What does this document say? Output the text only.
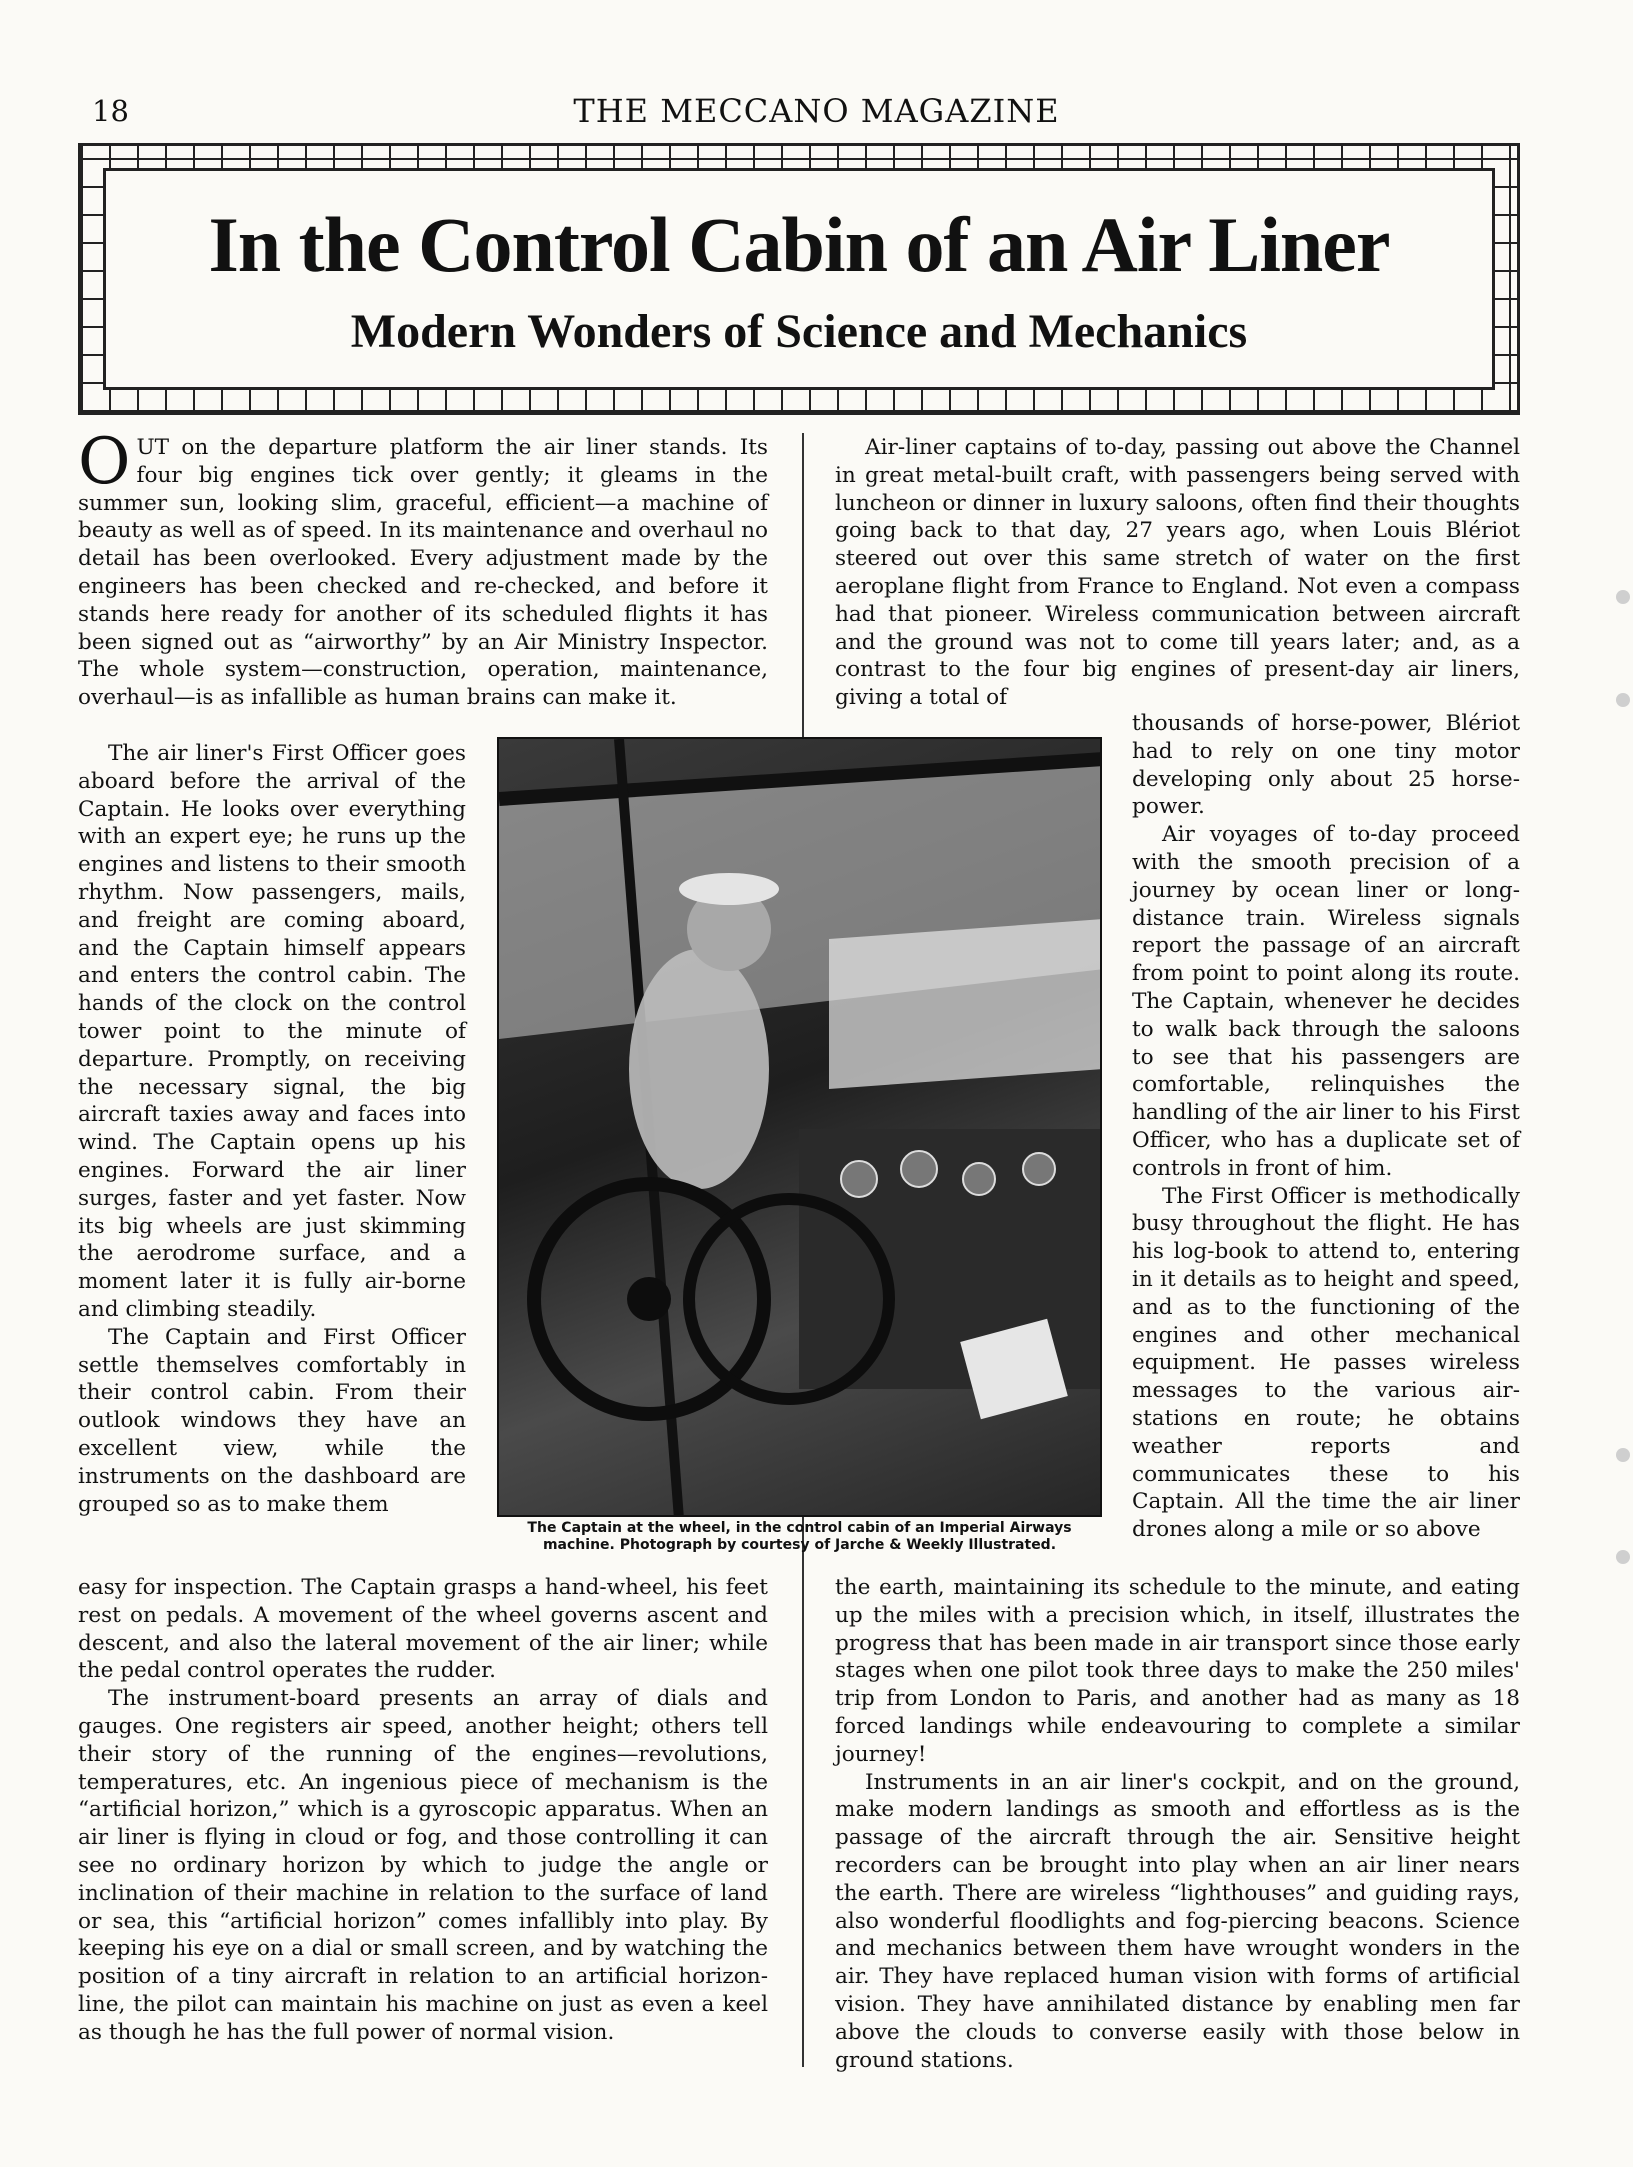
18	THE MECCANO MAGAZINE
In the Control Cabin of an Air Liner
Modern Wonders of Science and Mechanics

OUT on the departure platform the air liner stands. Its four big engines tick over gently; it gleams in the summer sun, looking slim, graceful, efficient—a machine of beauty as well as of speed. In its maintenance and overhaul no detail has been overlooked. Every adjustment made by the engineers has been checked and re-checked, and before it stands here ready for another of its scheduled flights it has been signed out as “airworthy” by an Air Ministry Inspector. The whole system—construction, operation, maintenance, overhaul—is as infallible as human brains can make it.

The air liner's First Officer goes aboard before the arrival of the Captain. He looks over everything with an expert eye; he runs up the engines and listens to their smooth rhythm. Now passengers, mails, and freight are coming aboard, and the Captain himself appears and enters the control cabin. The hands of the clock on the control tower point to the minute of departure. Promptly, on receiving the necessary signal, the big aircraft taxies away and faces into wind. The Captain opens up his engines. Forward the air liner surges, faster and yet faster. Now its big wheels are just skimming the aerodrome surface, and a moment later it is fully air-borne and climbing steadily.

The Captain and First Officer settle themselves comfortably in their control cabin. From their outlook windows they have an excellent view, while the instruments on the dashboard are grouped so as to make them

The Captain at the wheel, in the control cabin of an Imperial Airways
machine. Photograph by courtesy of Jarche & Weekly Illustrated.

easy for inspection. The Captain grasps a hand-wheel, his feet rest on pedals. A movement of the wheel governs ascent and descent, and also the lateral movement of the air liner; while the pedal control operates the rudder.

The instrument-board presents an array of dials and gauges. One registers air speed, another height; others tell their story of the running of the engines—revolutions, temperatures, etc. An ingenious piece of mechanism is the “artificial horizon,” which is a gyroscopic apparatus. When an air liner is flying in cloud or fog, and those controlling it can see no ordinary horizon by which to judge the angle or inclination of their machine in relation to the surface of land or sea, this “artificial horizon” comes infallibly into play. By keeping his eye on a dial or small screen, and by watching the position of a tiny aircraft in relation to an artificial horizon-line, the pilot can maintain his machine on just as even a keel as though he has the full power of normal vision.

Air-liner captains of to-day, passing out above the Channel in great metal-built craft, with passengers being served with luncheon or dinner in luxury saloons, often find their thoughts going back to that day, 27 years ago, when Louis Blériot steered out over this same stretch of water on the first aeroplane flight from France to England. Not even a compass had that pioneer. Wireless communication between aircraft and the ground was not to come till years later; and, as a contrast to the four big engines of present-day air liners, giving a total of

thousands of horse-power, Blériot had to rely on one tiny motor developing only about 25 horse-power.

Air voyages of to-day proceed with the smooth precision of a journey by ocean liner or long-distance train. Wireless signals report the passage of an aircraft from point to point along its route. The Captain, whenever he decides to walk back through the saloons to see that his passengers are comfortable, relinquishes the handling of the air liner to his First Officer, who has a duplicate set of controls in front of him.

The First Officer is methodically busy throughout the flight. He has his log-book to attend to, entering in it details as to height and speed, and as to the functioning of the engines and other mechanical equipment. He passes wireless messages to the various air-stations en route; he obtains weather reports and communicates these to his Captain. All the time the air liner drones along a mile or so above

the earth, maintaining its schedule to the minute, and eating up the miles with a precision which, in itself, illustrates the progress that has been made in air transport since those early stages when one pilot took three days to make the 250 miles' trip from London to Paris, and another had as many as 18 forced landings while endeavouring to complete a similar journey!

Instruments in an air liner's cockpit, and on the ground, make modern landings as smooth and effortless as is the passage of the aircraft through the air. Sensitive height recorders can be brought into play when an air liner nears the earth. There are wireless “lighthouses” and guiding rays, also wonderful floodlights and fog-piercing beacons. Science and mechanics between them have wrought wonders in the air. They have replaced human vision with forms of artificial vision. They have annihilated distance by enabling men far above the clouds to converse easily with those below in ground stations.
